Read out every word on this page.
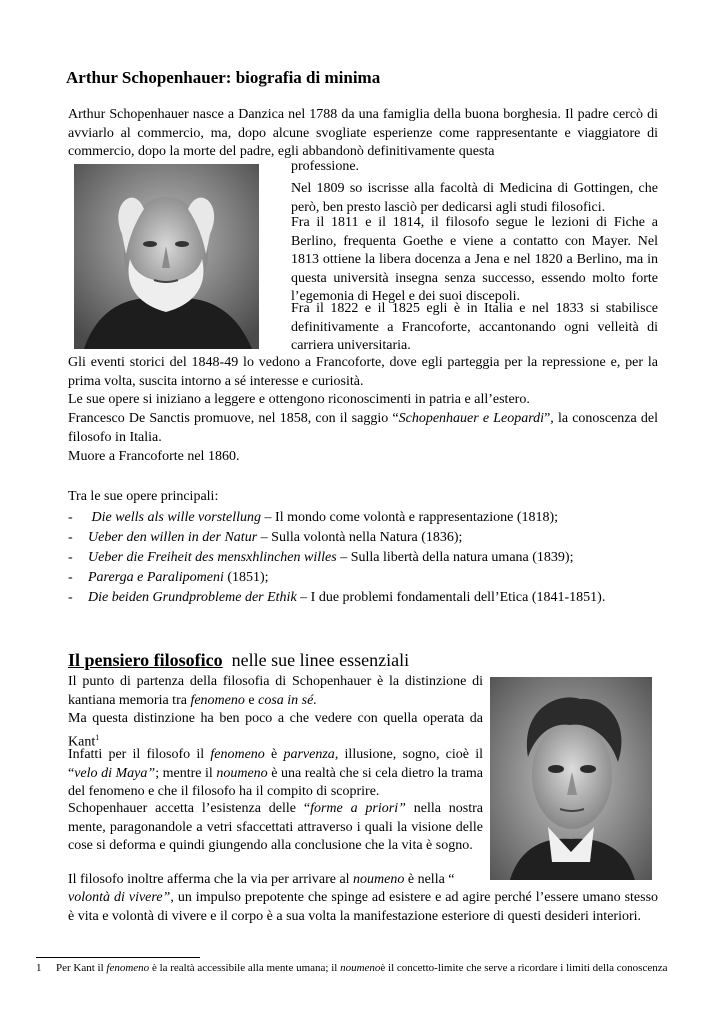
Arthur Schopenhauer: biografia di minima
Arthur Schopenhauer nasce a Danzica nel 1788 da una famiglia della buona borghesia. Il padre cercò di avviarlo al commercio, ma, dopo alcune svogliate esperienze come rappresentante e viaggiatore di commercio, dopo la morte del padre, egli abbandonò definitivamente questa
professione.
Nel 1809 so iscrisse alla facoltà di Medicina di Gottingen, che però, ben presto lasciò per dedicarsi agli studi filosofici.
Fra il 1811 e il 1814, il filosofo segue le lezioni di Fiche a Berlino, frequenta Goethe e viene a contatto con Mayer. Nel 1813 ottiene la libera docenza a Jena e nel 1820 a Berlino, ma in questa università insegna senza successo, essendo molto forte l’egemonia di Hegel e dei suoi discepoli.
Fra il 1822 e il 1825 egli è in Italia e nel 1833 si stabilisce definitivamente a Francoforte, accantonando ogni velleità di carriera universitaria.
Gli eventi storici del 1848-49 lo vedono a Francoforte, dove egli parteggia per la repressione e, per la prima volta, suscita intorno a sé interesse e curiosità.
Le sue opere si iniziano a leggere e ottengono riconoscimenti in patria e all’estero.
Francesco De Sanctis promuove, nel 1858, con il saggio “Schopenhauer e Leopardi”, la conoscenza del filosofo in Italia.
Muore a Francoforte nel 1860.
Tra le sue opere principali:
-	Die wells als wille vorstellung – Il mondo come volontà e rappresentazione (1818);
-	Ueber den willen in der Natur – Sulla volontà nella Natura (1836);
-	Ueber die Freiheit des mensxhlinchen willes – Sulla libertà della natura umana (1839);
-	Parerga e Paralipomeni (1851);
-	Die beiden Grundprobleme der Ethik – I due problemi fondamentali dell’Etica (1841-1851).
Il pensiero filosofico  nelle sue linee essenziali
Il punto di partenza della filosofia di Schopenhauer è la distinzione di kantiana memoria tra fenomeno e cosa in sé.
Ma questa distinzione ha ben poco a che vedere con quella operata da Kant$^1$
Infatti per il filosofo il fenomeno è parvenza, illusione, sogno, cioè il “velo di Maya”; mentre il noumeno è una realtà che si cela dietro la trama del fenomeno e che il filosofo ha il compito di scoprire.
Schopenhauer accetta l’esistenza delle “forme a priori” nella nostra mente, paragonandole a vetri sfaccettati attraverso i quali la visione delle cose si deforma e quindi giungendo alla conclusione che la vita è sogno.
Il filosofo inoltre afferma che la via per arrivare al noumeno è nella “
volontà di vivere”, un impulso prepotente che spinge ad esistere e ad agire perché l’essere umano stesso è vita e volontà di vivere e il corpo è a sua volta la manifestazione esteriore di questi desideri interiori.
1	Per Kant il fenomeno è la realtà accessibile alla mente umana; il noumenoè il concetto-limite che serve a ricordare i limiti della conoscenza
